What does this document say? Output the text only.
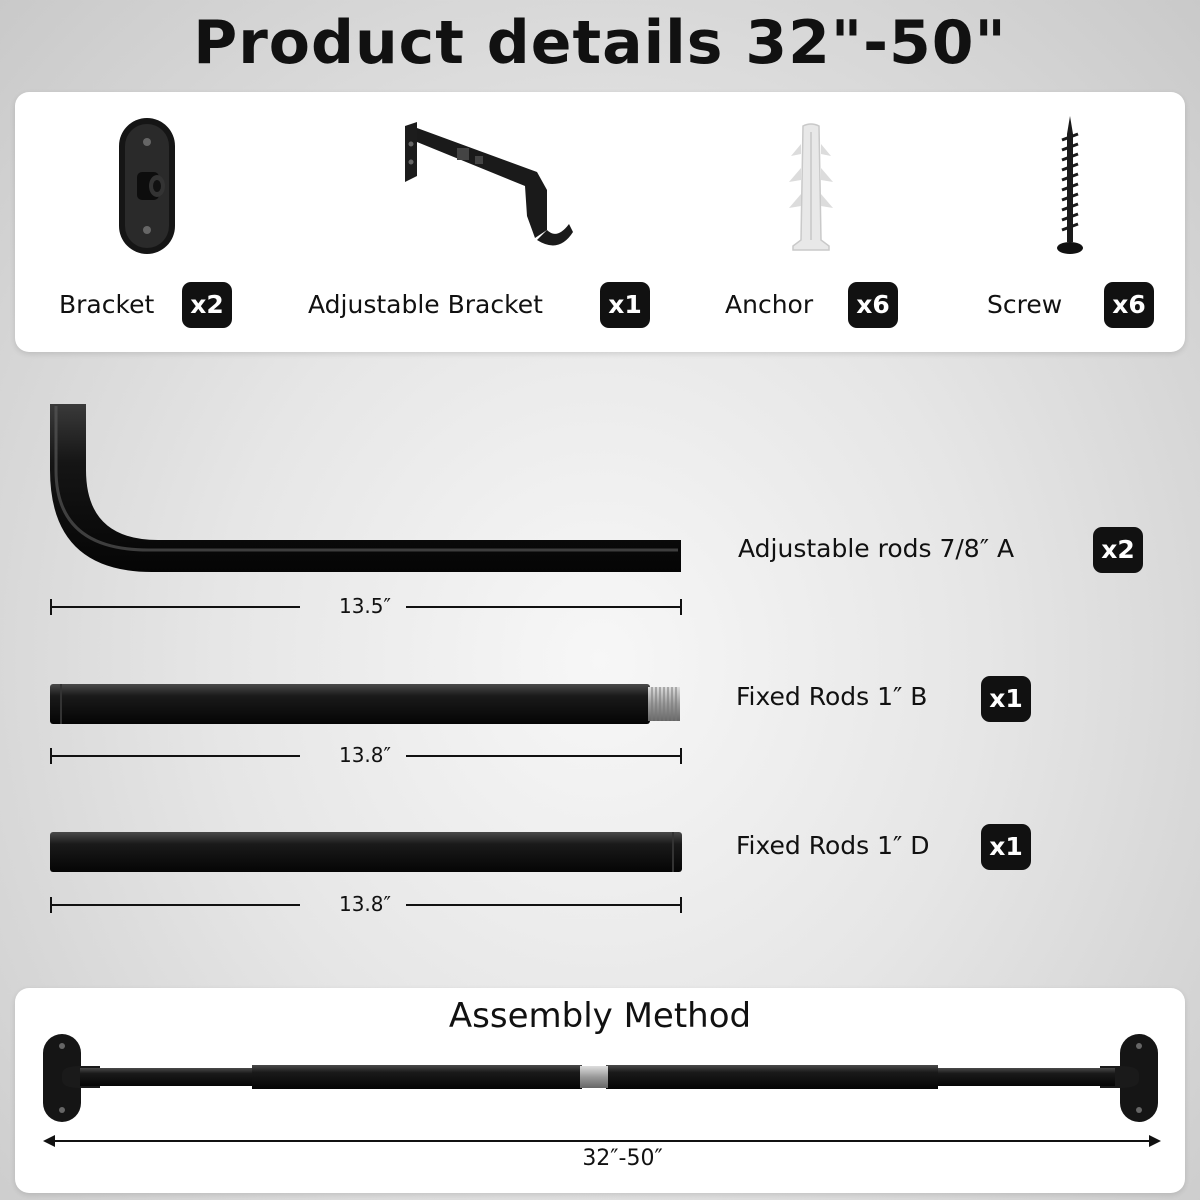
Product details 32"-50"
Bracket	x2	Adjustable Bracket	x1	Anchor	x6	Screw	x6
13.5″
Adjustable rods 7/8″ A	x2
13.8″
Fixed Rods 1″ B	x1
13.8″
Fixed Rods 1″ D	x1
Assembly Method
32″-50″
